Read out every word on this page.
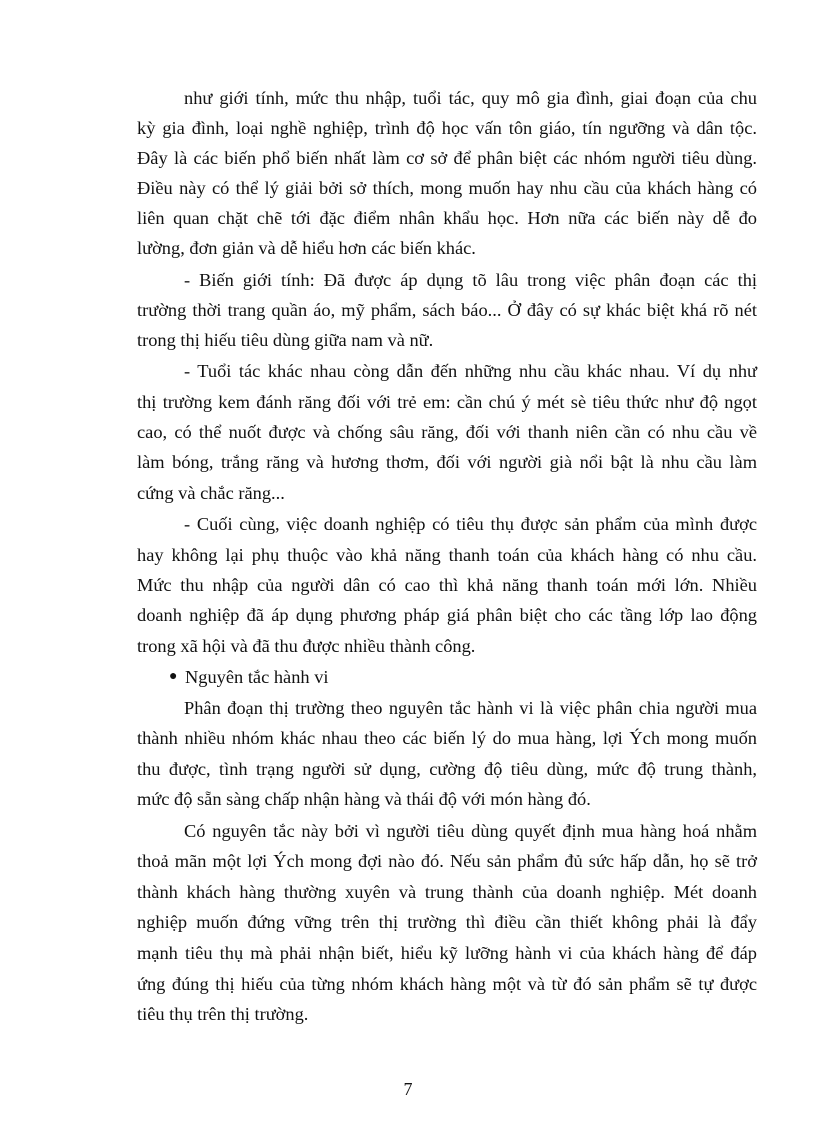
như giới tính, mức thu nhập, tuổi tác, quy mô gia đình, giai đoạn của chu
kỳ gia đình, loại nghề nghiệp, trình độ học vấn tôn giáo, tín ngưỡng và dân tộc.
Đây là các biến phổ biến nhất làm cơ sở để phân biệt các nhóm người tiêu dùng.
Điều này có thể lý giải bởi sở thích, mong muốn hay nhu cầu của khách hàng có
liên quan chặt chẽ tới đặc điểm nhân khẩu học. Hơn nữa các biến này dễ đo
lường, đơn giản và dễ hiểu hơn các biến khác.
- Biến giới tính: Đã được áp dụng tõ lâu trong việc phân đoạn các thị
trường thời trang quần áo, mỹ phẩm, sách báo... Ở đây có sự khác biệt khá rõ nét
trong thị hiếu tiêu dùng giữa nam và nữ.
- Tuổi tác khác nhau còng dẫn đến những nhu cầu khác nhau. Ví dụ như
thị trường kem đánh răng đối với trẻ em: cần chú ý mét sè tiêu thức như độ ngọt
cao, có thể nuốt được và chống sâu răng, đối với thanh niên cần có nhu cầu về
làm bóng, trắng răng và hương thơm, đối với người già nổi bật là nhu cầu làm
cứng và chắc răng...
- Cuối cùng, việc doanh nghiệp có tiêu thụ được sản phẩm của mình được
hay không lại phụ thuộc vào khả năng thanh toán của khách hàng có nhu cầu.
Mức thu nhập của người dân có cao thì khả năng thanh toán mới lớn. Nhiều
doanh nghiệp đã áp dụng phương pháp giá phân biệt cho các tầng lớp lao động
trong xã hội và đã thu được nhiều thành công.
● Nguyên tắc hành vi
Phân đoạn thị trường theo nguyên tắc hành vi là việc phân chia người mua
thành nhiều nhóm khác nhau theo các biến lý do mua hàng, lợi Ých mong muốn
thu được, tình trạng người sử dụng, cường độ tiêu dùng, mức độ trung thành,
mức độ sẵn sàng chấp nhận hàng và thái độ với món hàng đó.
Có nguyên tắc này bởi vì người tiêu dùng quyết định mua hàng hoá nhằm
thoả mãn một lợi Ých mong đợi nào đó. Nếu sản phẩm đủ sức hấp dẫn, họ sẽ trở
thành khách hàng thường xuyên và trung thành của doanh nghiệp. Mét doanh
nghiệp muốn đứng vững trên thị trường thì điều cần thiết không phải là đẩy
mạnh tiêu thụ mà phải nhận biết, hiểu kỹ lưỡng hành vi của khách hàng để đáp
ứng đúng thị hiếu của từng nhóm khách hàng một và từ đó sản phẩm sẽ tự được
tiêu thụ trên thị trường.
7
